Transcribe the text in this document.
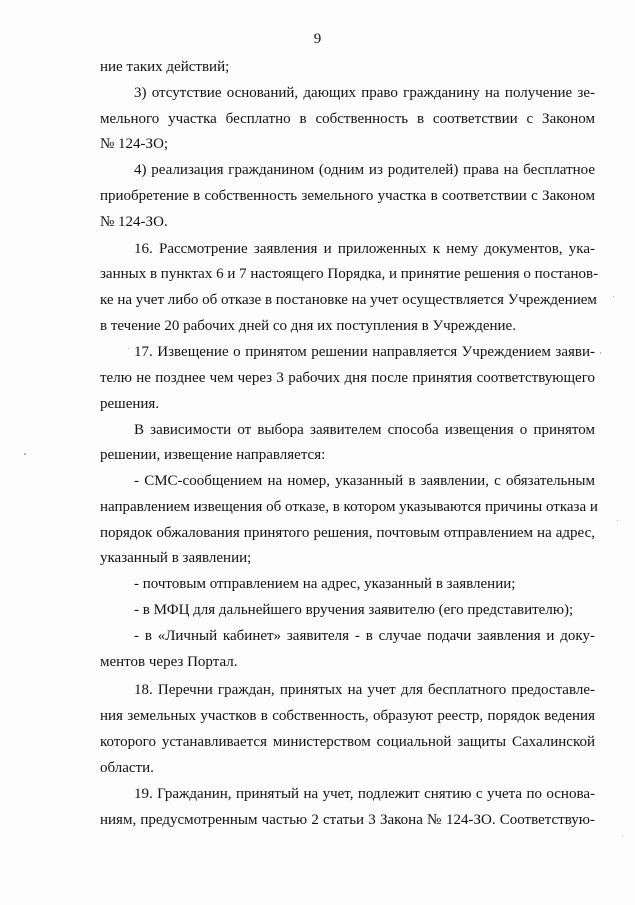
9
ние таких действий;
3) отсутствие оснований, дающих право гражданину на получение зе-
мельного участка бесплатно в собственность в соответствии с Законом
№ 124-ЗО;
4) реализация гражданином (одним из родителей) права на бесплатное
приобретение в собственность земельного участка в соответствии с Законом
№ 124-ЗО.
16. Рассмотрение заявления и приложенных к нему документов, ука-
занных в пунктах 6 и 7 настоящего Порядка, и принятие решения о постанов-
ке на учет либо об отказе в постановке на учет осуществляется Учреждением
в течение 20 рабочих дней со дня их поступления в Учреждение.
17. Извещение о принятом решении направляется Учреждением заяви-
телю не позднее чем через 3 рабочих дня после принятия соответствующего
решения.
В зависимости от выбора заявителем способа извещения о принятом
решении, извещение направляется:
- СМС-сообщением на номер, указанный в заявлении, с обязательным
направлением извещения об отказе, в котором указываются причины отказа и
порядок обжалования принятого решения, почтовым отправлением на адрес,
указанный в заявлении;
- почтовым отправлением на адрес, указанный в заявлении;
- в МФЦ для дальнейшего вручения заявителю (его представителю);
- в «Личный кабинет» заявителя - в случае подачи заявления и доку-
ментов через Портал.
18. Перечни граждан, принятых на учет для бесплатного предоставле-
ния земельных участков в собственность, образуют реестр, порядок ведения
которого устанавливается министерством социальной защиты Сахалинской
области.
19. Гражданин, принятый на учет, подлежит снятию с учета по основа-
ниям, предусмотренным частью 2 статьи 3 Закона № 124-ЗО. Соответствую-
